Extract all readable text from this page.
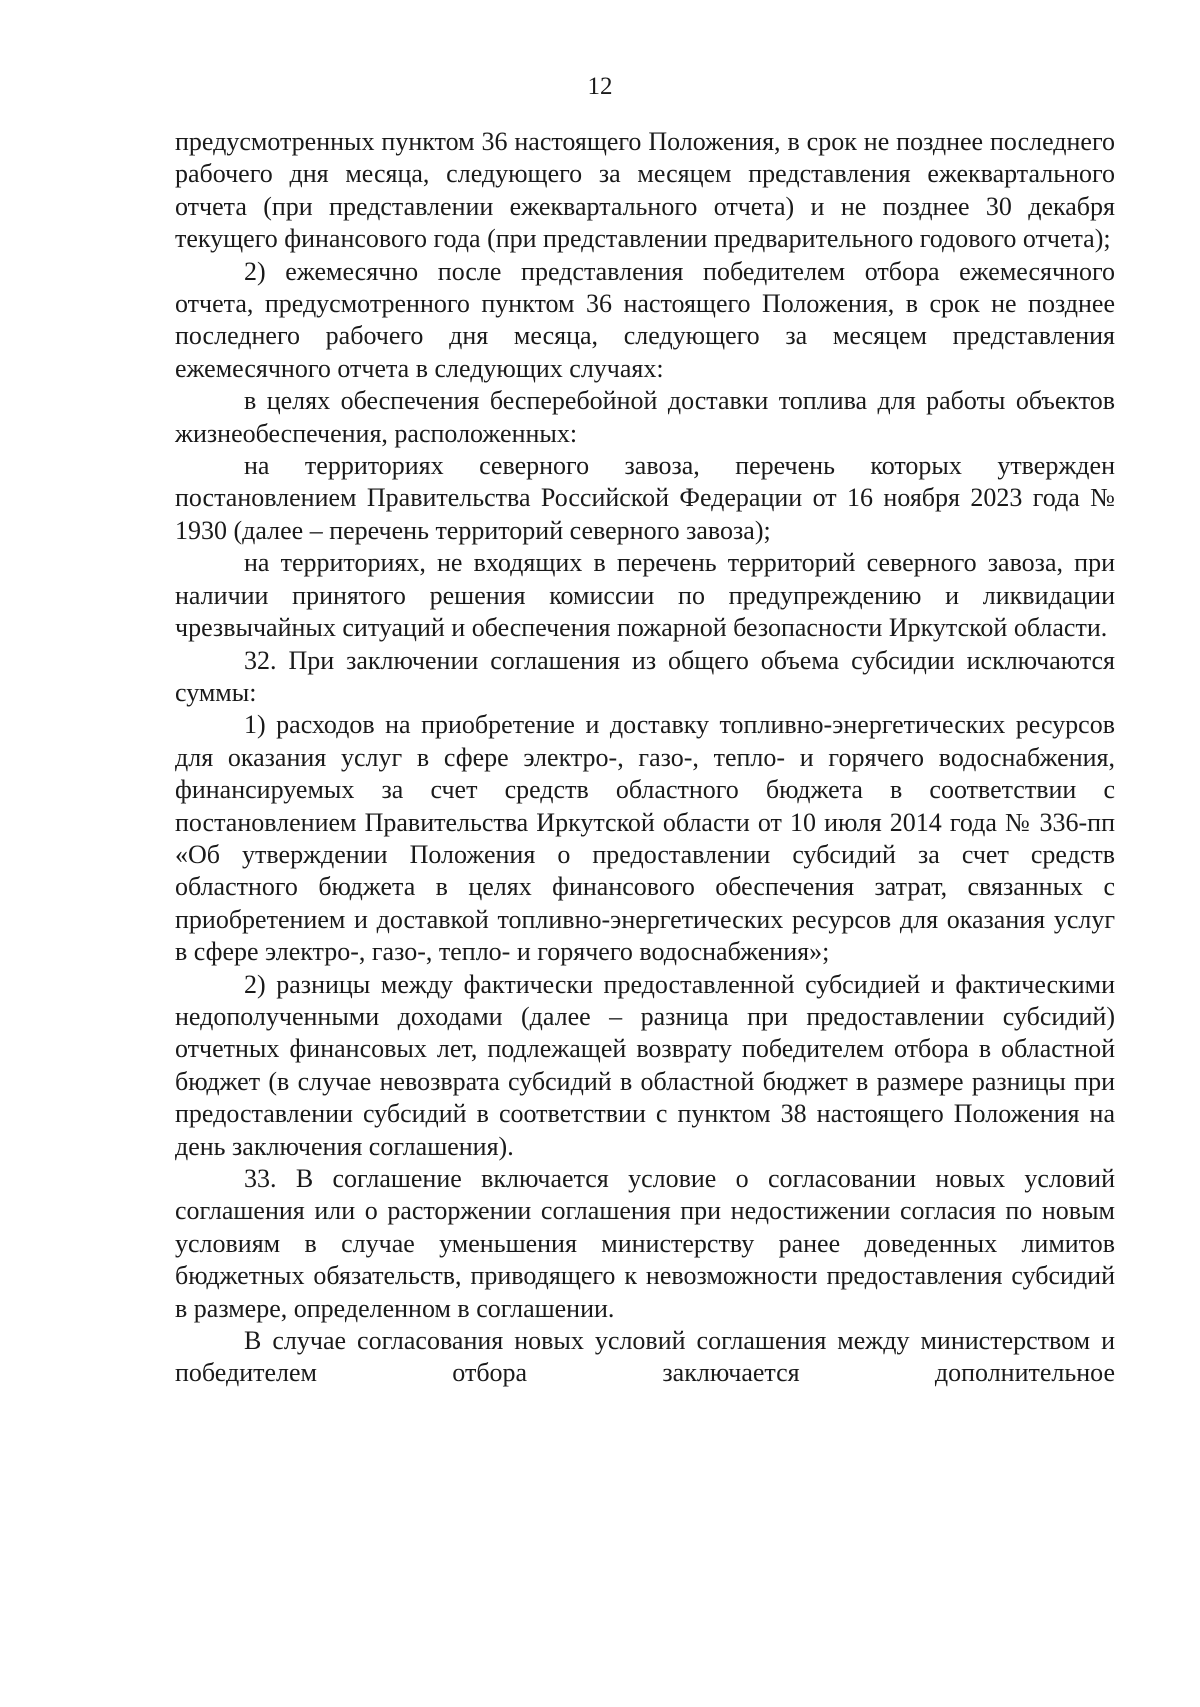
12

предусмотренных пунктом 36 настоящего Положения, в срок не позднее последнего рабочего дня месяца, следующего за месяцем представления ежеквартального отчета (при представлении ежеквартального отчета) и не позднее 30 декабря текущего финансового года (при представлении предварительного годового отчета);

2) ежемесячно после представления победителем отбора ежемесячного отчета, предусмотренного пунктом 36 настоящего Положения, в срок не позднее последнего рабочего дня месяца, следующего за месяцем представления ежемесячного отчета в следующих случаях:

в целях обеспечения бесперебойной доставки топлива для работы объектов жизнеобеспечения, расположенных:

на территориях северного завоза, перечень которых утвержден постановлением Правительства Российской Федерации от 16 ноября 2023 года № 1930 (далее – перечень территорий северного завоза);

на территориях, не входящих в перечень территорий северного завоза, при наличии принятого решения комиссии по предупреждению и ликвидации чрезвычайных ситуаций и обеспечения пожарной безопасности Иркутской области.

32. При заключении соглашения из общего объема субсидии исключаются суммы:

1) расходов на приобретение и доставку топливно-энергетических ресурсов для оказания услуг в сфере электро-, газо-, тепло- и горячего водоснабжения, финансируемых за счет средств областного бюджета в соответствии с постановлением Правительства Иркутской области от 10 июля 2014 года № 336-пп «Об утверждении Положения о предоставлении субсидий за счет средств областного бюджета в целях финансового обеспечения затрат, связанных с приобретением и доставкой топливно-энергетических ресурсов для оказания услуг в сфере электро-, газо-, тепло- и горячего водоснабжения»;

2) разницы между фактически предоставленной субсидией и фактическими недополученными доходами (далее – разница при предоставлении субсидий) отчетных финансовых лет, подлежащей возврату победителем отбора в областной бюджет (в случае невозврата субсидий в областной бюджет в размере разницы при предоставлении субсидий в соответствии с пунктом 38 настоящего Положения на день заключения соглашения).

33. В соглашение включается условие о согласовании новых условий соглашения или о расторжении соглашения при недостижении согласия по новым условиям в случае уменьшения министерству ранее доведенных лимитов бюджетных обязательств, приводящего к невозможности предоставления субсидий в размере, определенном в соглашении.

В случае согласования новых условий соглашения между министерством и победителем отбора заключается дополнительное
